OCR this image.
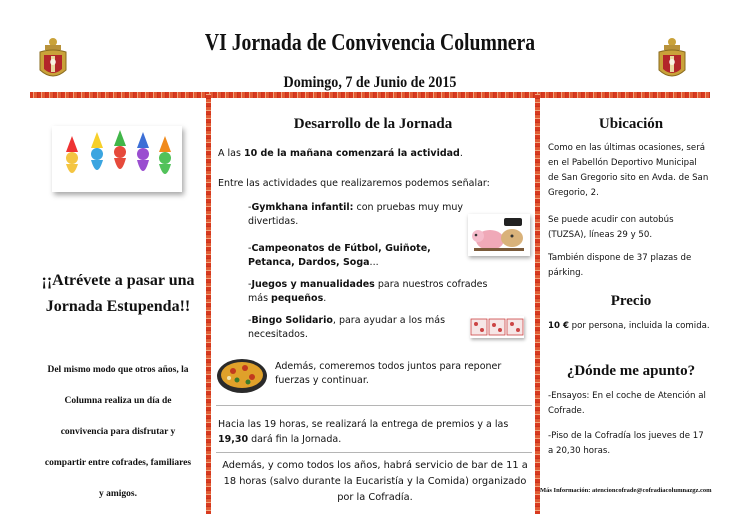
VI Jornada de Convivencia Columnera
Domingo, 7 de Junio de 2015
¡¡Atrévete a pasar una
Jornada Estupenda!!
Del mismo modo que otros años, la
Columna realiza un día de
convivencia para disfrutar y
compartir entre cofrades, familiares
y amigos.
Desarrollo de la Jornada
A las 10 de la mañana comenzará la actividad.
Entre las actividades que realizaremos podemos señalar:
-Gymkhana infantil: con pruebas muy muy divertidas.
-Campeonatos de Fútbol, Guiñote, Petanca, Dardos, Soga...
-Juegos y manualidades para nuestros cofrades más pequeños.
-Bingo Solidario, para ayudar a los más necesitados.
Además, comeremos todos juntos para reponer fuerzas y continuar.
Hacia las 19 horas, se realizará la entrega de premios y a las 19,30 dará fin la Jornada.
Además, y como todos los años, habrá servicio de bar de 11 a 18 horas (salvo durante la Eucaristía y la Comida) organizado por la Cofradía.
Ubicación
Como en las últimas ocasiones, será en el Pabellón Deportivo Municipal de San Gregorio sito en Avda. de San Gregorio, 2.
Se puede acudir con autobús (TUZSA), líneas 29 y 50.
También dispone de 37 plazas de párking.
Precio
10 € por persona, incluida la comida.
¿Dónde me apunto?
-Ensayos: En el coche de Atención al Cofrade.
-Piso de la Cofradía los jueves de 17 a 20,30 horas.
Más Información: atencioncofrade@cofradiacolumnazgz.com
